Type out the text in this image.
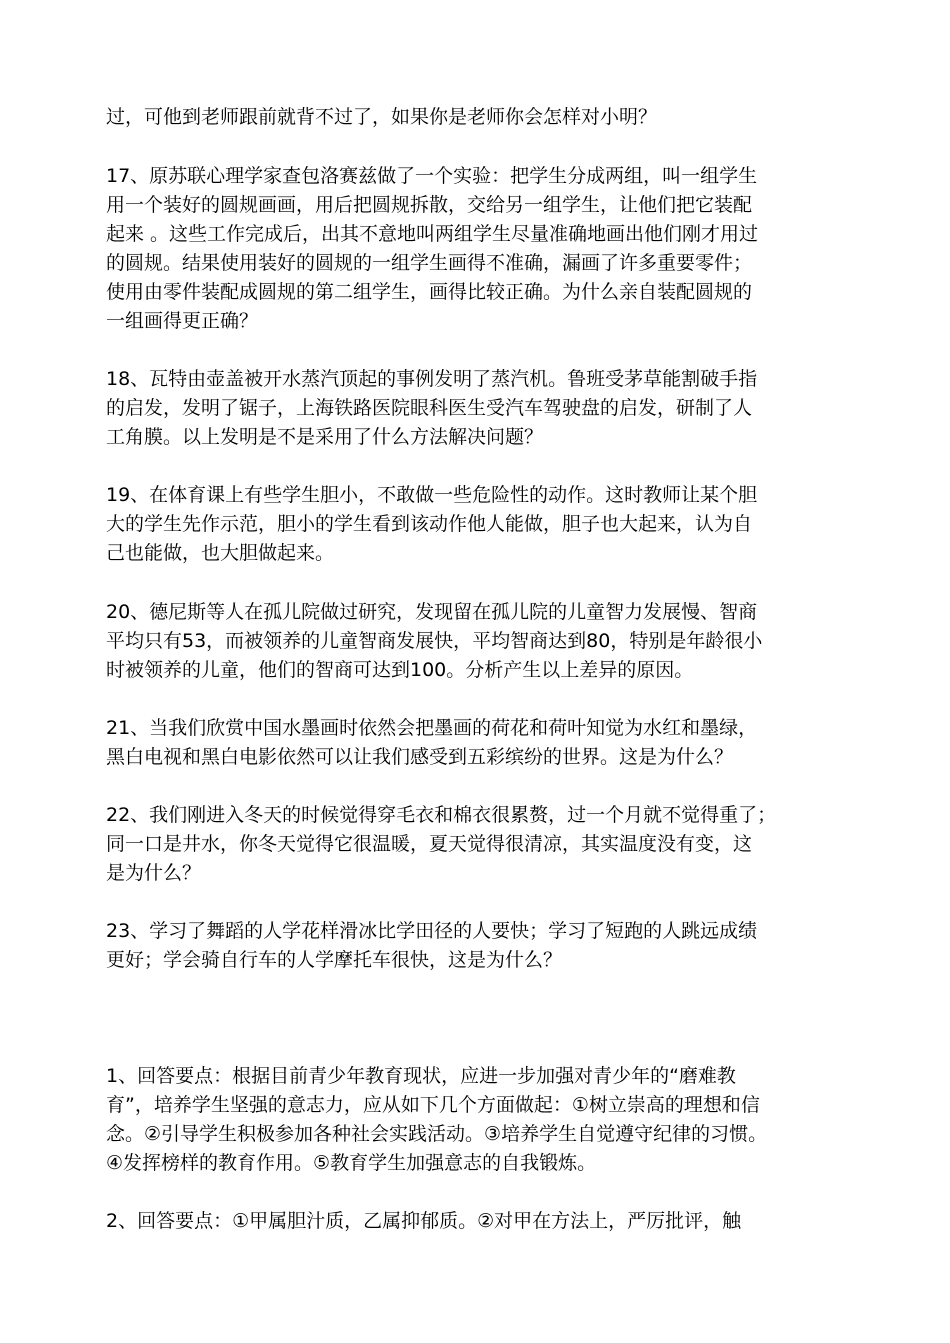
过，可他到老师跟前就背不过了，如果你是老师你会怎样对小明？
17、原苏联心理学家查包洛赛兹做了一个实验：把学生分成两组，叫一组学生
用一个装好的圆规画画，用后把圆规拆散，交给另一组学生，让他们把它装配
起来 。这些工作完成后，出其不意地叫两组学生尽量准确地画出他们刚才用过
的圆规。结果使用装好的圆规的一组学生画得不准确，漏画了许多重要零件；
使用由零件装配成圆规的第二组学生，画得比较正确。为什么亲自装配圆规的
一组画得更正确？
18、瓦特由壶盖被开水蒸汽顶起的事例发明了蒸汽机。鲁班受茅草能割破手指
的启发，发明了锯子，上海铁路医院眼科医生受汽车驾驶盘的启发，研制了人
工角膜。以上发明是不是采用了什么方法解决问题？
19、在体育课上有些学生胆小，不敢做一些危险性的动作。这时教师让某个胆
大的学生先作示范，胆小的学生看到该动作他人能做，胆子也大起来，认为自
己也能做，也大胆做起来。
20、德尼斯等人在孤儿院做过研究，发现留在孤儿院的儿童智力发展慢、智商
平均只有53，而被领养的儿童智商发展快，平均智商达到80，特别是年龄很小
时被领养的儿童，他们的智商可达到100。分析产生以上差异的原因。
21、当我们欣赏中国水墨画时依然会把墨画的荷花和荷叶知觉为水红和墨绿，
黑白电视和黑白电影依然可以让我们感受到五彩缤纷的世界。这是为什么？
22、我们刚进入冬天的时候觉得穿毛衣和棉衣很累赘，过一个月就不觉得重了；
同一口是井水，你冬天觉得它很温暖，夏天觉得很清凉，其实温度没有变，这
是为什么？
23、学习了舞蹈的人学花样滑冰比学田径的人要快；学习了短跑的人跳远成绩
更好；学会骑自行车的人学摩托车很快，这是为什么？
1、回答要点：根据目前青少年教育现状，应进一步加强对青少年的“磨难教
育”，培养学生坚强的意志力，应从如下几个方面做起：①树立崇高的理想和信
念。②引导学生积极参加各种社会实践活动。③培养学生自觉遵守纪律的习惯。
④发挥榜样的教育作用。⑤教育学生加强意志的自我锻炼。
2、回答要点：①甲属胆汁质，乙属抑郁质。②对甲在方法上，严厉批评，触
